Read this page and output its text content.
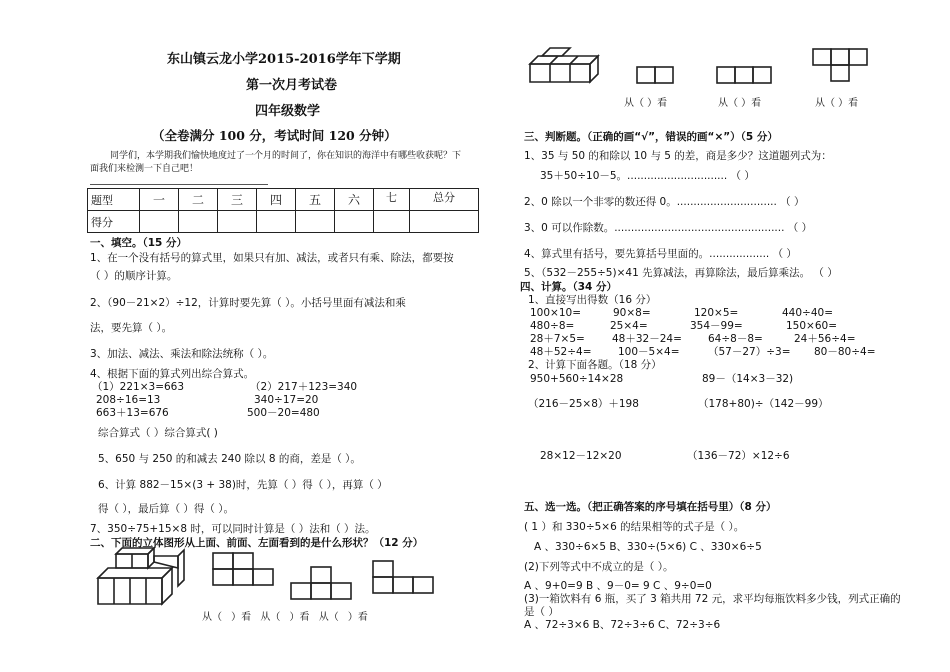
东山镇云龙小学2015-2016学年下学期
第一次月考试卷
四年级数学
（全卷满分 100 分，考试时间 120 分钟）
同学们，本学期我们愉快地度过了一个月的时间了，你在知识的海洋中有哪些收获呢？下
面我们来检测一下自己吧！
题型	一	二	三	四	五	六	七	总分
得分								
一、填空。（15 分）
1、在一个没有括号的算式里，如果只有加、减法，或者只有乘、除法，都要按
（ ）的顺序计算。
2、（90－21×2）÷12，计算时要先算（ ）。小括号里面有减法和乘
法，要先算（ ）。
3、加法、减法、乘法和除法统称（ ）。
4、根据下面的算式列出综合算式。
（1）221×3=663
208÷16=13
663＋13=676
（2）217＋123=340
340÷17=20
500－20=480
综合算式（ ）综合算式( )
5、650 与 250 的和减去 240 除以 8 的商，差是（ ）。
6、计算 882－15×(3 + 38)时，先算（ ）得（ ），再算（ ）
得（ ），最后算（ ）得（ ）。
7、350÷75+15×8 时，可以同时计算是（ ）法和（ ）法。
二、下面的立体图形从上面、前面、左面看到的是什么形状？（12 分）
从（ ）看 从（ ）看 从（ ）看
从（ ）看	从（ ）看	从（ ）看
三、判断题。（正确的画“√”，错误的画“×”）（5 分）
1、35 与 50 的和除以 10 与 5 的差，商是多少？这道题列式为：
35＋50÷10－5。.............................. （ ）
2、0 除以一个非零的数还得 0。.............................. （ ）
3、0 可以作除数。................................................... （ ）
4、算式里有括号，要先算括号里面的。.................. （ ）
5、（532－255÷5)×41 先算减法，再算除法，最后算乘法。 （ ）
四、计算。（34 分）
1、直接写出得数（16 分）
100×10=	90×8=	120×5=	440÷40=
480÷8=	25×4=	354－99=	150×60=
28＋7×5=	48＋32－24= 64÷8－8=	24＋56÷4=
48＋52÷4=	100－5×4=	（57－27）÷3= 80－80÷4=
2、计算下面各题。（18 分）
950+560÷14×28	89－（14×3－32)
（216－25×8）＋198	（178+80)÷（142－99）
28×12－12×20	（136－72）×12÷6
五、选一选。（把正确答案的序号填在括号里）（8 分）
( 1 ）和 330÷5×6 的结果相等的式子是（ ）。
A 、330÷6×5 B、330÷(5×6) C 、330×6÷5
(2)下列等式中不成立的是（ ）。
A 、9+0=9 B 、9－0= 9 C 、9÷0=0
(3)一箱饮料有 6 瓶，买了 3 箱共用 72 元，求平均每瓶饮料多少钱，列式正确的
是（ ）
A 、72÷3×6 B、72÷3÷6 C、72÷3÷6
